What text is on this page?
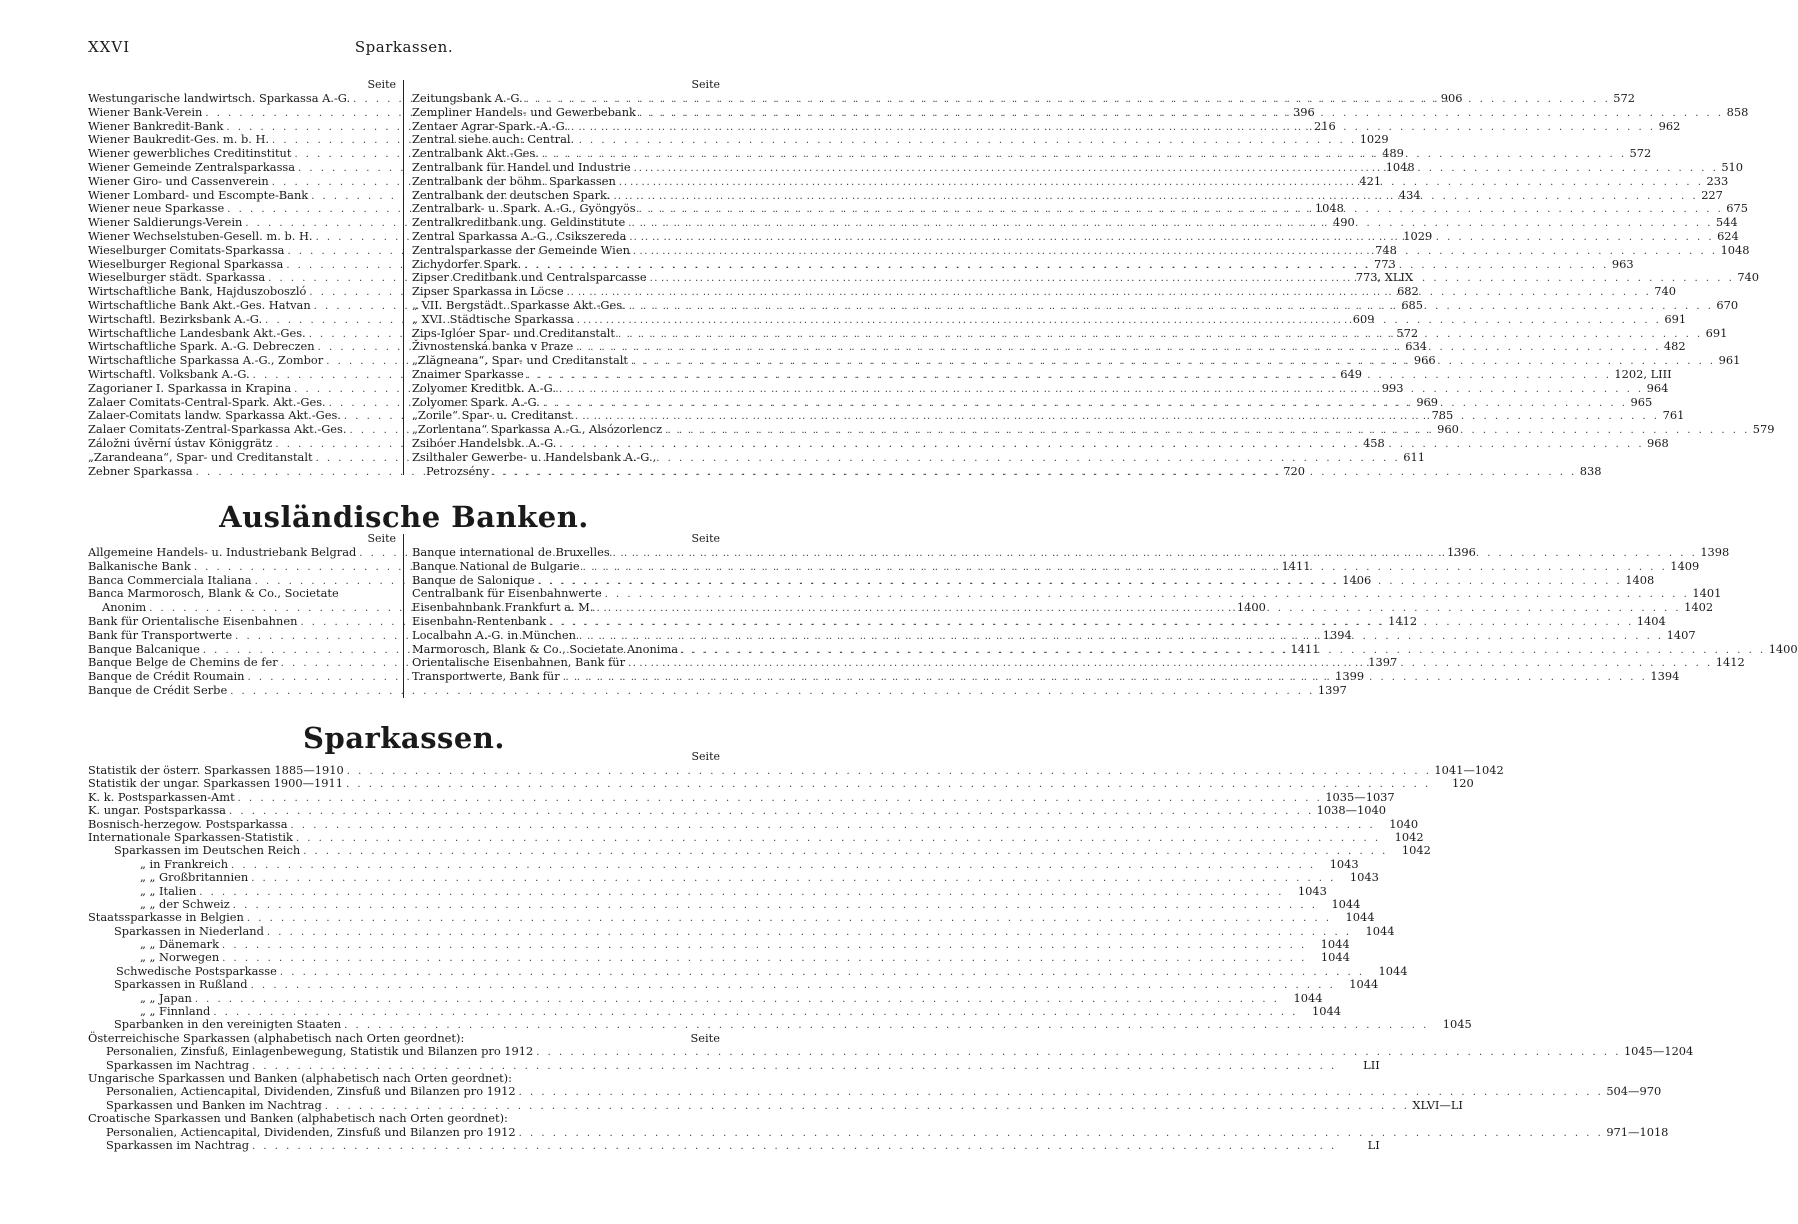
XXVI	Sparkassen.
Seite
Westungarische landwirtsch. Sparkassa A.-G. . . .	906
Wiener Bank-Verein . . .	396
Wiener Bankredit-Bank . . .	216
Wiener Baukredit-Ges. m. b. H. . . .	1029
Wiener gewerbliches Creditinstitut . . .	489
Wiener Gemeinde Zentralsparkassa . . .	1048
Wiener Giro- und Cassenverein . . .	421
Wiener Lombard- und Escompte-Bank . . .	434
Wiener neue Sparkasse . . .	1048
Wiener Saldierungs-Verein . . .	490
Wiener Wechselstuben-Gesell. m. b. H. . . .	1029
Wieselburger Comitats-Sparkassa . . .	748
Wieselburger Regional Sparkassa . . .	773
Wieselburger städt. Sparkassa . . .	773, XLIX
Wirtschaftliche Bank, Hajduszoboszló . . .	682
Wirtschaftliche Bank Akt.-Ges. Hatvan . . .	685
Wirtschaftl. Bezirksbank A.-G. . . .	609
Wirtschaftliche Landesbank Akt.-Ges. . . .	572
Wirtschaftliche Spark. A.-G. Debreczen . . .	634
Wirtschaftliche Sparkassa A.-G., Zombor . . .	966
Wirtschaftl. Volksbank A.-G. . . .	649
Zagorianer I. Sparkassa in Krapina . . .	993
Zalaer Comitats-Central-Spark. Akt.-Ges. . . .	969
Zalaer-Comitats landw. Sparkassa Akt.-Ges. . . .	785
Zalaer Comitats-Zentral-Sparkassa Akt.-Ges. . . .	960
Záložni úvěrní ústav Königgrätz . . .	458
„Zarandeana“, Spar- und Creditanstalt . . .	611
Zebner Sparkassa . . .	720
Seite
Zeitungsbank A.-G. . . .	572
Zempliner Handels- und Gewerbebank . . .	858
Zentaer Agrar-Spark.-A.-G. . . .	962
Zentral siehe auch: Central.
Zentralbank Akt.-Ges. . . .	572
Zentralbank für Handel und Industrie . . .	510
Zentralbank der böhm. Sparkassen . . .	233
Zentralbank der deutschen Spark. . . .	227
Zentralbark- u. Spark. A.-G., Gyöngyös . . .	675
Zentralkreditbank ung. Geldinstitute . . .	544
Zentral Sparkassa A.-G., Csikszereda . . .	624
Zentralsparkasse der Gemeinde Wien . . .	1048
Zichydorfer Spark. . . .	963
Zipser Creditbank und Centralsparcasse . . .	740
Zipser Sparkassa in Löcse . . .	740
„ VII. Bergstädt. Sparkasse Akt.-Ges. . . .	670
„ XVI. Städtische Sparkassa . . .	691
Zips-Iglóer Spar- und Creditanstalt . . .	691
Živnostenská banka v Praze . . .	482
„Zlăgneana“, Spar- und Creditanstalt . . .	961
Znaimer Sparkasse . . .	1202, LIII
Zolyomer Kreditbk. A.-G. . . .	964
Zolyomer Spark. A.-G. . . .	965
„Zorile“ Spar- u. Creditanst . . .	761
„Zorlentana“ Sparkassa A.-G., Alsózorlencz . . .	579
Zsibóer Handelsbk. A.-G. . . .	968
Zsilthaler Gewerbe- u. Handelsbank A.-G.,
Petrozsény . . .	838
Ausländische Banken.
Seite
Allgemeine Handels- u. Industriebank Belgrad . . .	1396
Balkanische Bank . . .	1411
Banca Commerciala Italiana . . .	1406
Banca Marmorosch, Blank & Co., Societate
Anonim . . .	1400
Bank für Orientalische Eisenbahnen . . .	1412
Bank für Transportwerte . . .	1394
Banque Balcanique . . .	1411
Banque Belge de Chemins de fer . . .	1397
Banque de Crédit Roumain . . .	1399
Banque de Crédit Serbe . . .	1397
Seite
Banque international de Bruxelles . . .	1398
Banque National de Bulgarie . . .	1409
Banque de Salonique . . .	1408
Centralbank für Eisenbahnwerte . . .	1401
Eisenbahnbank Frankfurt a. M. . . .	1402
Eisenbahn-Rentenbank . . .	1404
Localbahn A.-G. in München . . .	1407
Marmorosch, Blank & Co., Societate Anonima . . .	1400
Orientalische Eisenbahnen, Bank für . . .	1412
Transportwerte, Bank für . . .	1394
Sparkassen.
Seite
Statistik der österr. Sparkassen 1885—1910 . . .	1041—1042
Statistik der ungar. Sparkassen 1900—1911 . . .	120
K. k. Postsparkassen-Amt . . .	1035—1037
K. ungar. Postsparkassa . . .	1038—1040
Bosnisch-herzegow. Postsparkassa . . .	1040
Internationale Sparkassen-Statistik . . .	1042
Sparkassen im Deutschen Reich . . .	1042
„ in Frankreich . . .	1043
„ „ Großbritannien . . .	1043
„ „ Italien . . .	1043
„ „ der Schweiz . . .	1044
Staatssparkasse in Belgien . . .	1044
Sparkassen in Niederland . . .	1044
„ „ Dänemark . . .	1044
„ „ Norwegen . . .	1044
Schwedische Postsparkasse . . .	1044
Sparkassen in Rußland . . .	1044
„ „ Japan . . .	1044
„ „ Finnland . . .	1044
Sparbanken in den vereinigten Staaten . . .	1045
Österreichische Sparkassen (alphabetisch nach Orten geordnet):	Seite
Personalien, Zinsfuß, Einlagenbewegung, Statistik und Bilanzen pro 1912 . . .	1045—1204
Sparkassen im Nachtrag . . .	LII
Ungarische Sparkassen und Banken (alphabetisch nach Orten geordnet):
Personalien, Actiencapital, Dividenden, Zinsfuß und Bilanzen pro 1912 . . .	504—970
Sparkassen und Banken im Nachtrag . . .	XLVI—LI
Croatische Sparkassen und Banken (alphabetisch nach Orten geordnet):
Personalien, Actiencapital, Dividenden, Zinsfuß und Bilanzen pro 1912 . . .	971—1018
Sparkassen im Nachtrag . . .	LI
